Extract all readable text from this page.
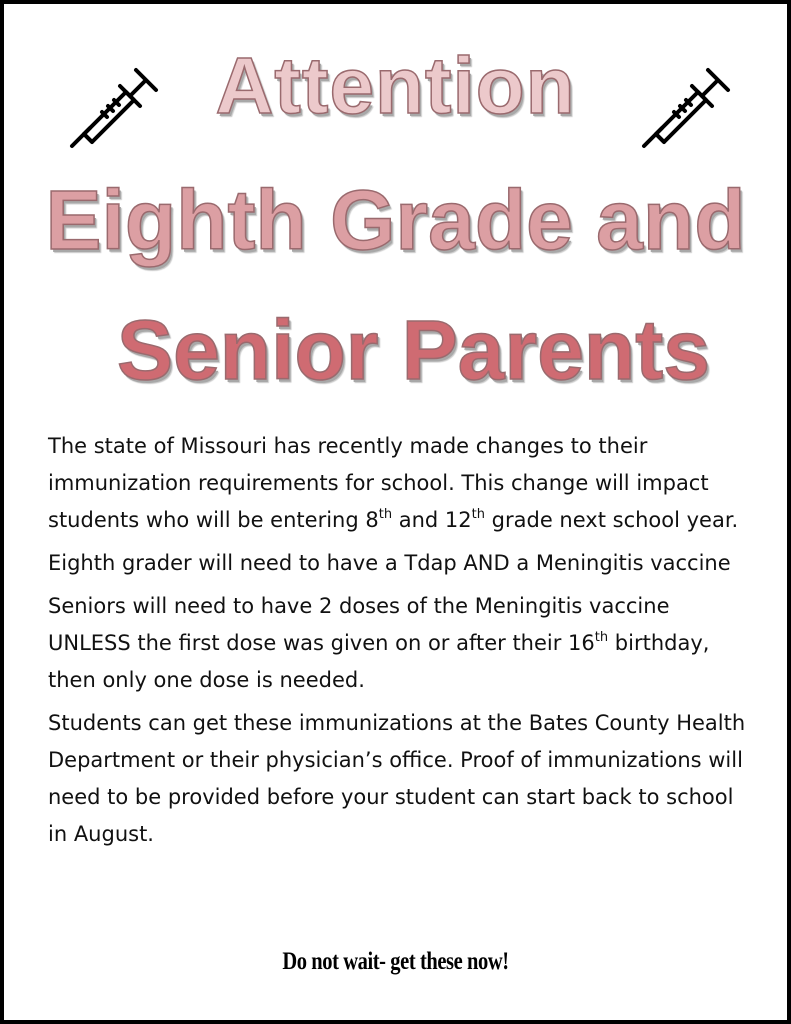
Attention
Eighth Grade and
Senior Parents

The state of Missouri has recently made changes to their immunization requirements for school. This change will impact students who will be entering 8th and 12th grade next school year.

Eighth grader will need to have a Tdap AND a Meningitis vaccine

Seniors will need to have 2 doses of the Meningitis vaccine UNLESS the first dose was given on or after their 16th birthday, then only one dose is needed.

Students can get these immunizations at the Bates County Health Department or their physician’s office. Proof of immunizations will need to be provided before your student can start back to school in August.

Do not wait- get these now!
